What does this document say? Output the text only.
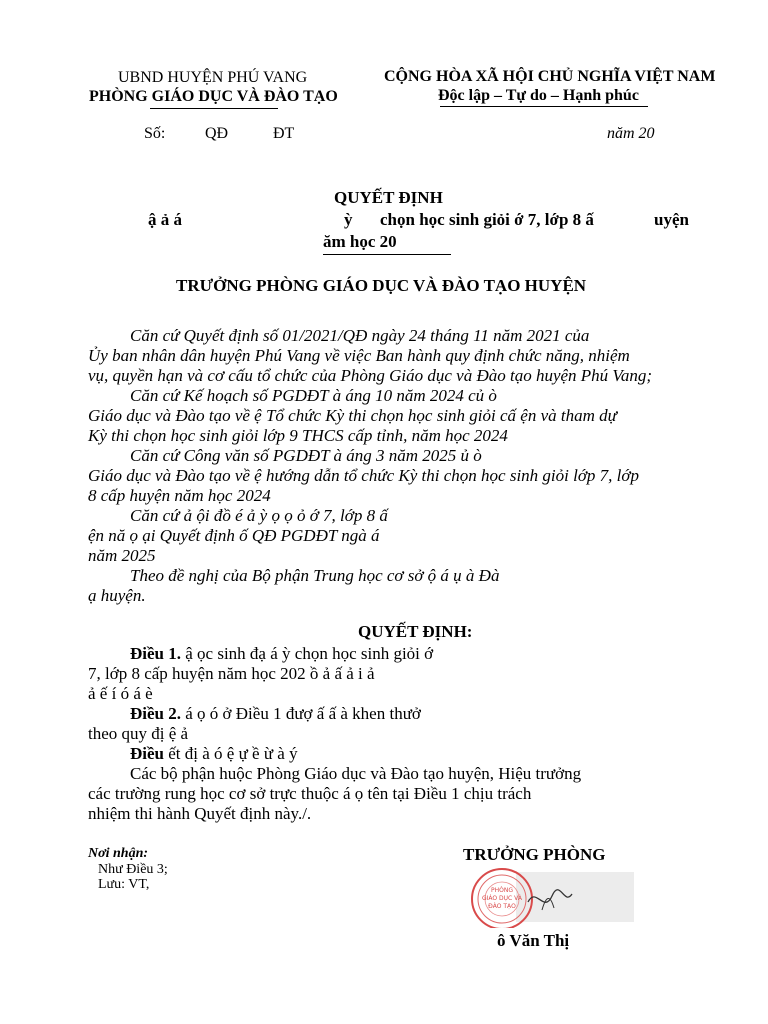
UBND HUYỆN PHÚ VANG
PHÒNG GIÁO DỤC VÀ ĐÀO TẠO
CỘNG HÒA XÃ HỘI CHỦ NGHĨA VIỆT NAM
Độc lập – Tự do – Hạnh phúc
Số: QĐ	ĐT	năm 20
QUYẾT ĐỊNH
ậ ả á	ỳ chọn học sinh giỏi ớ 7, lớp 8 ấ	uyện
ăm học 20
TRƯỞNG PHÒNG GIÁO DỤC VÀ ĐÀO TẠO HUYỆN
Căn cứ Quyết định số 01/2021/QĐ ngày 24 tháng 11 năm 2021 của
Ủy ban nhân dân huyện Phú Vang về việc Ban hành quy định chức năng, nhiệm
vụ, quyền hạn và cơ cấu tổ chức của Phòng Giáo dục và Đào tạo huyện Phú Vang;
Căn cứ Kế hoạch số PGDĐT à áng 10 năm 2024 củ ò
Giáo dục và Đào tạo về ệ Tổ chức Kỳ thi chọn học sinh giỏi cấ ện và tham dự
Kỳ thi chọn học sinh giỏi lớp 9 THCS cấp tỉnh, năm học 2024
Căn cứ Công văn số PGDĐT à áng 3 năm 2025 ủ ò
Giáo dục và Đào tạo về ệ hướng dẫn tổ chức Kỳ thi chọn học sinh giỏi lớp 7, lớp
8 cấp huyện năm học 2024
Căn cứ ả ội đồ é ả ỳ ọ ọ ỏ ớ 7, lớp 8 ấ
ện nă ọ ại Quyết định ố QĐ PGDĐT ngà á
năm 2025
Theo đề nghị của Bộ phận Trung học cơ sở ộ á ụ à Đà
ạ huyện.
QUYẾT ĐỊNH:
Điều 1. ậ ọc sinh đạ á ỳ chọn học sinh giỏi ớ
7, lớp 8 cấp huyện năm học 202 ồ ả ấ ả i ả
ả ế í ó á è
Điều 2. á ọ ó ở Điều 1 đượ ấ ấ à khen thưở
theo quy đị ệ ả
Điều ết đị à ó ệ ự ề ừ à ý
Các bộ phận huộc Phòng Giáo dục và Đào tạo huyện, Hiệu trưởng
các trường rung học cơ sở trực thuộc á ọ tên tại Điều 1 chịu trách
nhiệm thi hành Quyết định này./.
Nơi nhận:
Như Điều 3;
Lưu: VT,
TRƯỞNG PHÒNG
PHÒNG
GIÁO DỤC VÀ
ĐÀO TẠO
ô Văn Thị
